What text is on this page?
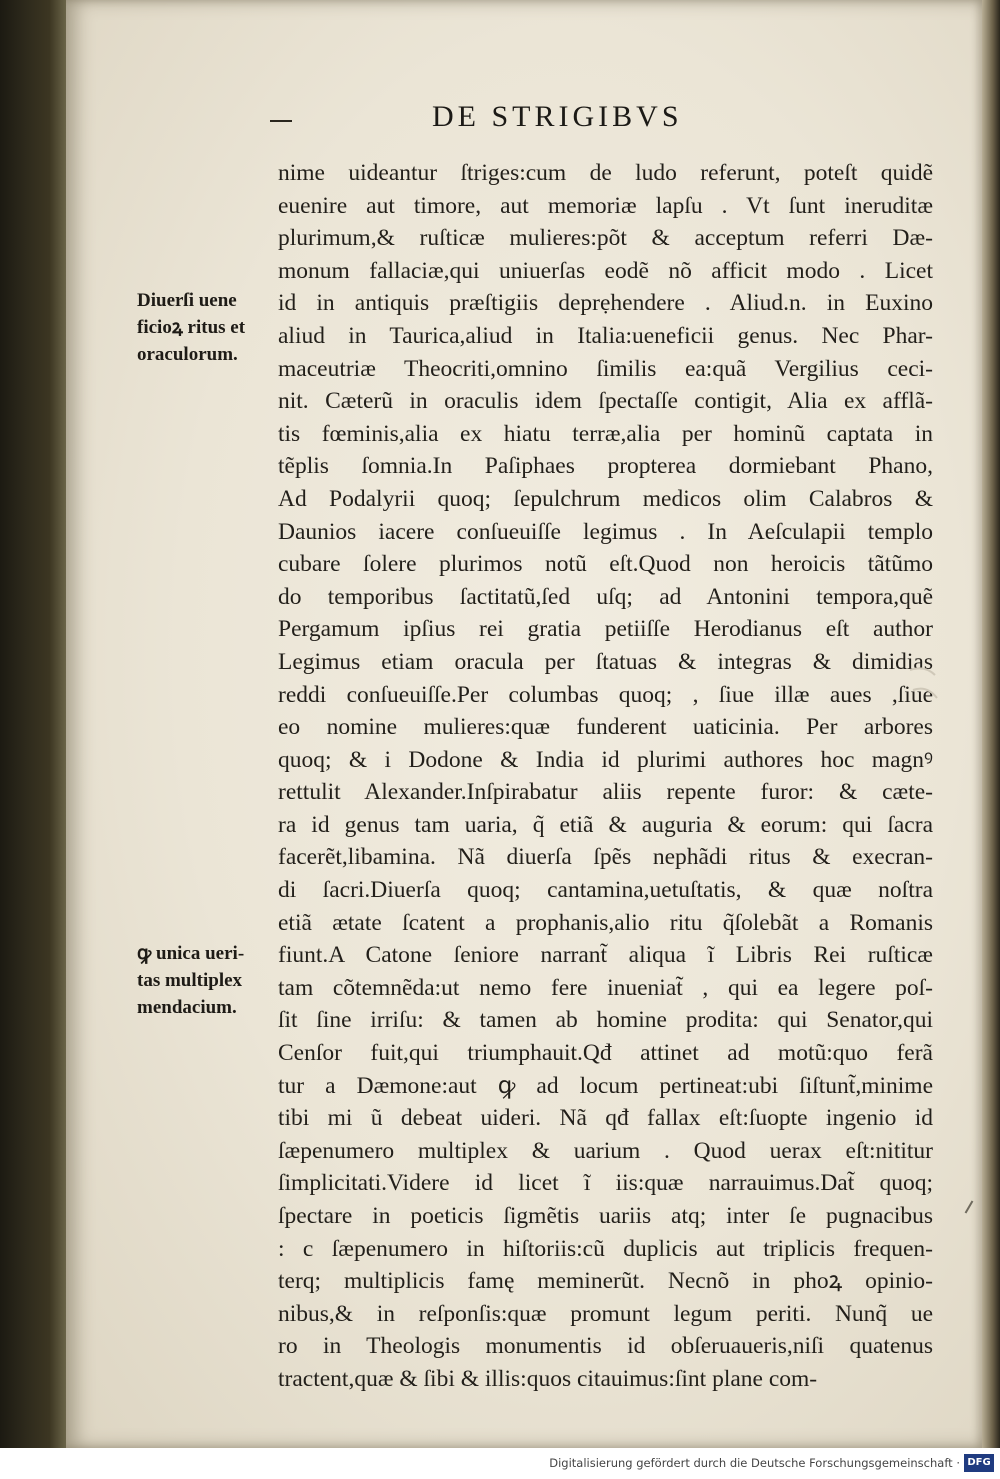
DE STRIGIBVS
Diuerſi uene
ficioꝝ ritus et
oraculorum.
ꝙ unica ueri-
tas multiplex
mendacium.
nime uideantur ſtriges:cum de ludo referunt, poteſt quidẽ
euenire aut timore, aut memoriæ lapſu . Vt ſunt ineruditæ
plurimum,& ruſticæ mulieres:põt & acceptum referri Dæ-
monum fallaciæ,qui uniuerſas eodẽ nõ afficit modo . Licet
id in antiquis præſtigiis deprẹhendere . Aliud.n. in Euxino
aliud in Taurica,aliud in Italia:ueneficii genus. Nec Phar-
maceutriæ Theocriti,omnino ſimilis ea:quã Vergilius ceci-
nit. Cæterũ in oraculis idem ſpectaſſe contigit, Alia ex afflã-
tis fœminis,alia ex hiatu terræ,alia per hominũ captata in
tẽplis ſomnia.In Paſiphaes propterea dormiebant Phano,
Ad Podalyrii quoq; ſepulchrum medicos olim Calabros &
Daunios iacere conſueuiſſe legimus . In Aeſculapii templo
cubare ſolere plurimos notũ eſt.Quod non heroicis tãtũmo
do temporibus ſactitatũ,ſed uſq; ad Antonini tempora,quẽ
Pergamum ipſius rei gratia petiiſſe Herodianus eſt author
Legimus etiam oracula per ſtatuas & integras & dimidias
reddi conſueuiſſe.Per columbas quoq; , ſiue illæ aues ,ſiue
eo nomine mulieres:quæ funderent uaticinia. Per arbores
quoq; & i Dodone & India id plurimi authores hoc magnꝰ
rettulit Alexander.Inſpirabatur aliis repente furor: & cæte-
ra id genus tam uaria, q̃ etiã & auguria & eorum: qui ſacra
facerẽt,libamina. Nã diuerſa ſpẽs nephãdi ritus & execran-
di ſacri.Diuerſa quoq; cantamina,uetuſtatis, & quæ noſtra
etiã ætate ſcatent a prophanis,alio ritu q̃ſolebãt a Romanis
fiunt.A Catone ſeniore narrant̃ aliqua ĩ Libris Rei ruſticæ
tam cõtemnẽda:ut nemo fere inueniat̃ , qui ea legere poſ-
ſit ſine irriſu: & tamen ab homine prodita: qui Senator,qui
Cenſor fuit,qui triumphauit.Qđ attinet ad motũ:quo ferã
tur a Dæmone:aut ꝙ ad locum pertineat:ubi ſiſtunt̃,minime
tibi mi ũ debeat uideri. Nã qđ fallax eſt:ſuopte ingenio id
ſæpenumero multiplex & uarium . Quod uerax eſt:nititur
ſimplicitati.Videre id licet ĩ iis:quæ narrauimus.Dat̃ quoq;
ſpectare in poeticis ſigmẽtis uariis atq; inter ſe pugnacibus
: c ſæpenumero in hiſtoriis:cũ duplicis aut triplicis frequen-
terq; multiplicis famę meminerũt. Necnõ in phoꝝ opinio-
nibus,& in reſponſis:quæ promunt legum periti. Nunq̃ ue
ro in Theologis monumentis id obſeruaueris,niſi quatenus
tractent,quæ & ſibi & illis:quos citauimus:ſint plane com-
Digitalisierung gefördert durch die Deutsche Forschungsgemeinschaft · DFG
